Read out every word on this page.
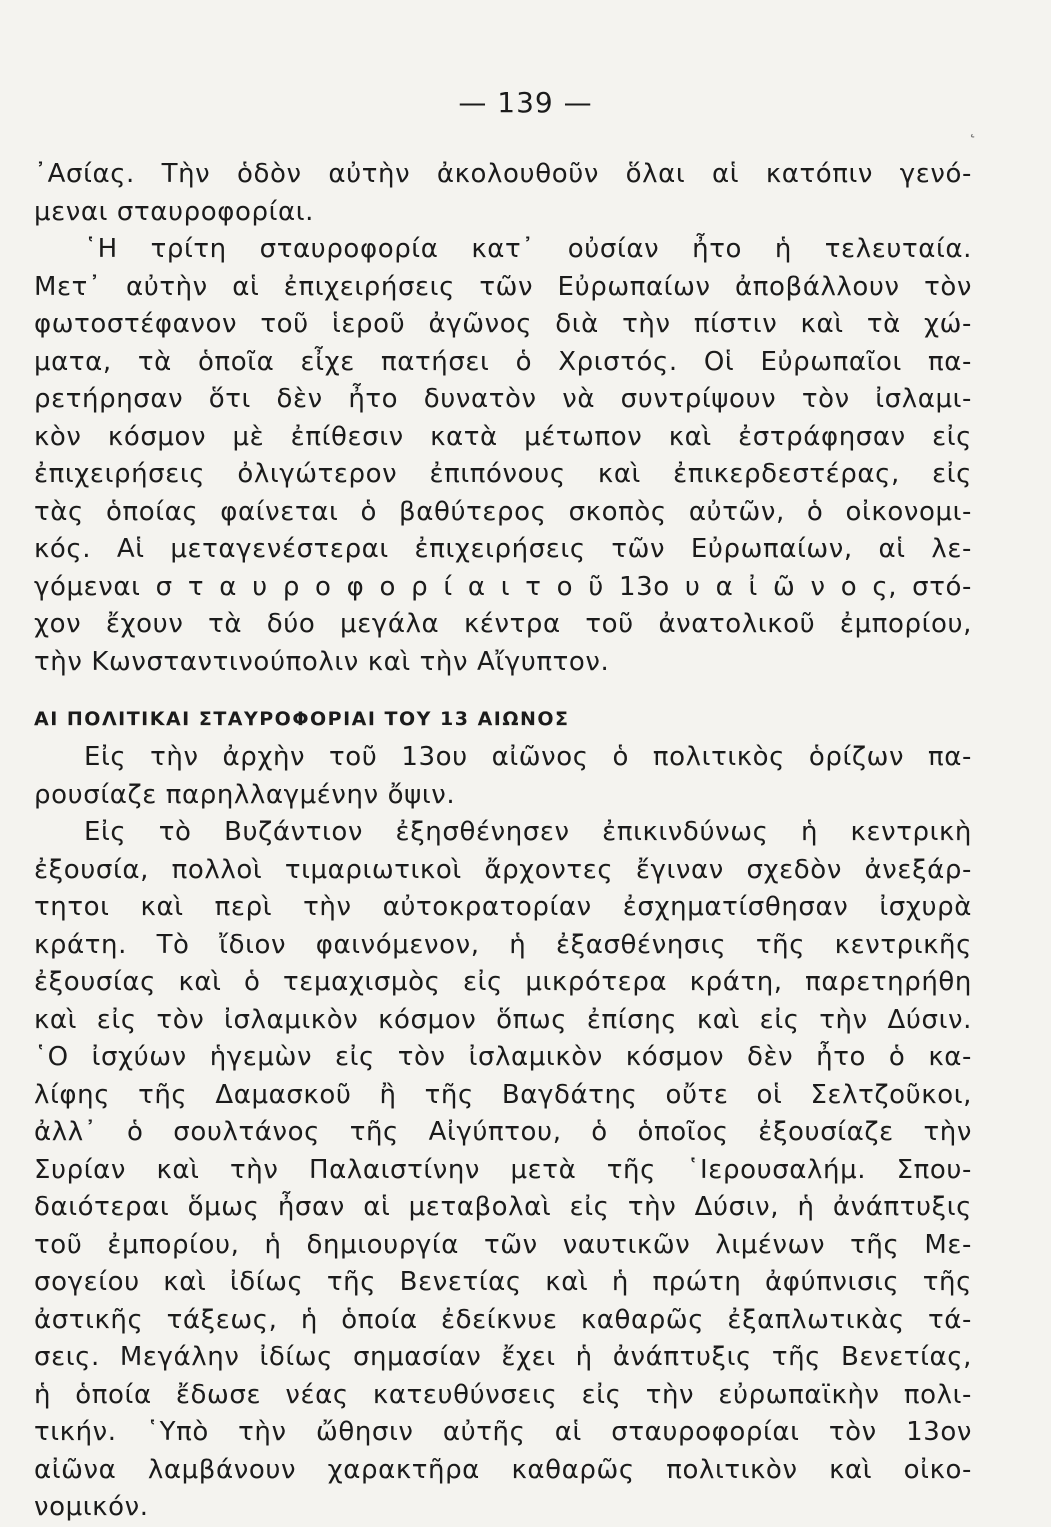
— 139 —
˛
᾿Ασίας. Τὴν ὁδὸν αὐτὴν ἀκολουθοῦν ὅλαι αἱ κατόπιν γενό-
μεναι σταυροφορίαι.
῾Η τρίτη σταυροφορία κατ᾿ οὐσίαν ἦτο ἡ τελευταία.
Μετ᾿ αὐτὴν αἱ ἐπιχειρήσεις τῶν Εὐρωπαίων ἀποβάλλουν τὸν
φωτοστέφανον τοῦ ἱεροῦ ἀγῶνος διὰ τὴν πίστιν καὶ τὰ χώ-
ματα, τὰ ὁποῖα εἶχε πατήσει ὁ Χριστός. Οἱ Εὐρωπαῖοι πα-
ρετήρησαν ὅτι δὲν ἦτο δυνατὸν νὰ συντρίψουν τὸν ἰσλαμι-
κὸν κόσμον μὲ ἐπίθεσιν κατὰ μέτωπον καὶ ἐστράφησαν εἰς
ἐπιχειρήσεις ὀλιγώτερον ἐπιπόνους καὶ ἐπικερδεστέρας, εἰς
τὰς ὁποίας φαίνεται ὁ βαθύτερος σκοπὸς αὐτῶν, ὁ οἰκονομι-
κός. Αἱ μεταγενέστεραι ἐπιχειρήσεις τῶν Εὐρωπαίων, αἱ λε-
γόμεναι σ τ α υ ρ ο φ ο ρ ί α ι τ ο ῦ 13ο υ α ἰ ῶ ν ο ς, στό-
χον ἔχουν τὰ δύο μεγάλα κέντρα τοῦ ἀνατολικοῦ ἐμπορίου,
τὴν Κωνσταντινούπολιν καὶ τὴν Αἴγυπτον.
ΑΙ ΠΟΛΙΤΙΚΑΙ ΣΤΑΥΡΟΦΟΡΙΑΙ ΤΟΥ 13 ΑΙΩΝΟΣ
Εἰς τὴν ἀρχὴν τοῦ 13ου αἰῶνος ὁ πολιτικὸς ὁρίζων πα-
ρουσίαζε παρηλλαγμένην ὄψιν.
Εἰς τὸ Βυζάντιον ἐξησθένησεν ἐπικινδύνως ἡ κεντρικὴ
ἐξουσία, πολλοὶ τιμαριωτικοὶ ἄρχοντες ἔγιναν σχεδὸν ἀνεξάρ-
τητοι καὶ περὶ τὴν αὐτοκρατορίαν ἐσχηματίσθησαν ἰσχυρὰ
κράτη. Τὸ ἴδιον φαινόμενον, ἡ ἐξασθένησις τῆς κεντρικῆς
ἐξουσίας καὶ ὁ τεμαχισμὸς εἰς μικρότερα κράτη, παρετηρήθη
καὶ εἰς τὸν ἰσλαμικὸν κόσμον ὅπως ἐπίσης καὶ εἰς τὴν Δύσιν.
῾Ο ἰσχύων ἡγεμὼν εἰς τὸν ἰσλαμικὸν κόσμον δὲν ἦτο ὁ κα-
λίφης τῆς Δαμασκοῦ ἢ τῆς Βαγδάτης οὔτε οἱ Σελτζοῦκοι,
ἀλλ᾿ ὁ σουλτάνος τῆς Αἰγύπτου, ὁ ὁποῖος ἐξουσίαζε τὴν
Συρίαν καὶ τὴν Παλαιστίνην μετὰ τῆς ῾Ιερουσαλήμ. Σπου-
δαιότεραι ὅμως ἦσαν αἱ μεταβολαὶ εἰς τὴν Δύσιν, ἡ ἀνάπτυξις
τοῦ ἐμπορίου, ἡ δημιουργία τῶν ναυτικῶν λιμένων τῆς Με-
σογείου καὶ ἰδίως τῆς Βενετίας καὶ ἡ πρώτη ἀφύπνισις τῆς
ἀστικῆς τάξεως, ἡ ὁποία ἐδείκνυε καθαρῶς ἐξαπλωτικὰς τά-
σεις. Μεγάλην ἰδίως σημασίαν ἔχει ἡ ἀνάπτυξις τῆς Βενετίας,
ἡ ὁποία ἔδωσε νέας κατευθύνσεις εἰς τὴν εὐρωπαϊκὴν πολι-
τικήν. ῾Υπὸ τὴν ὤθησιν αὐτῆς αἱ σταυροφορίαι τὸν 13ον
αἰῶνα λαμβάνουν χαρακτῆρα καθαρῶς πολιτικὸν καὶ οἰκο-
νομικόν.
